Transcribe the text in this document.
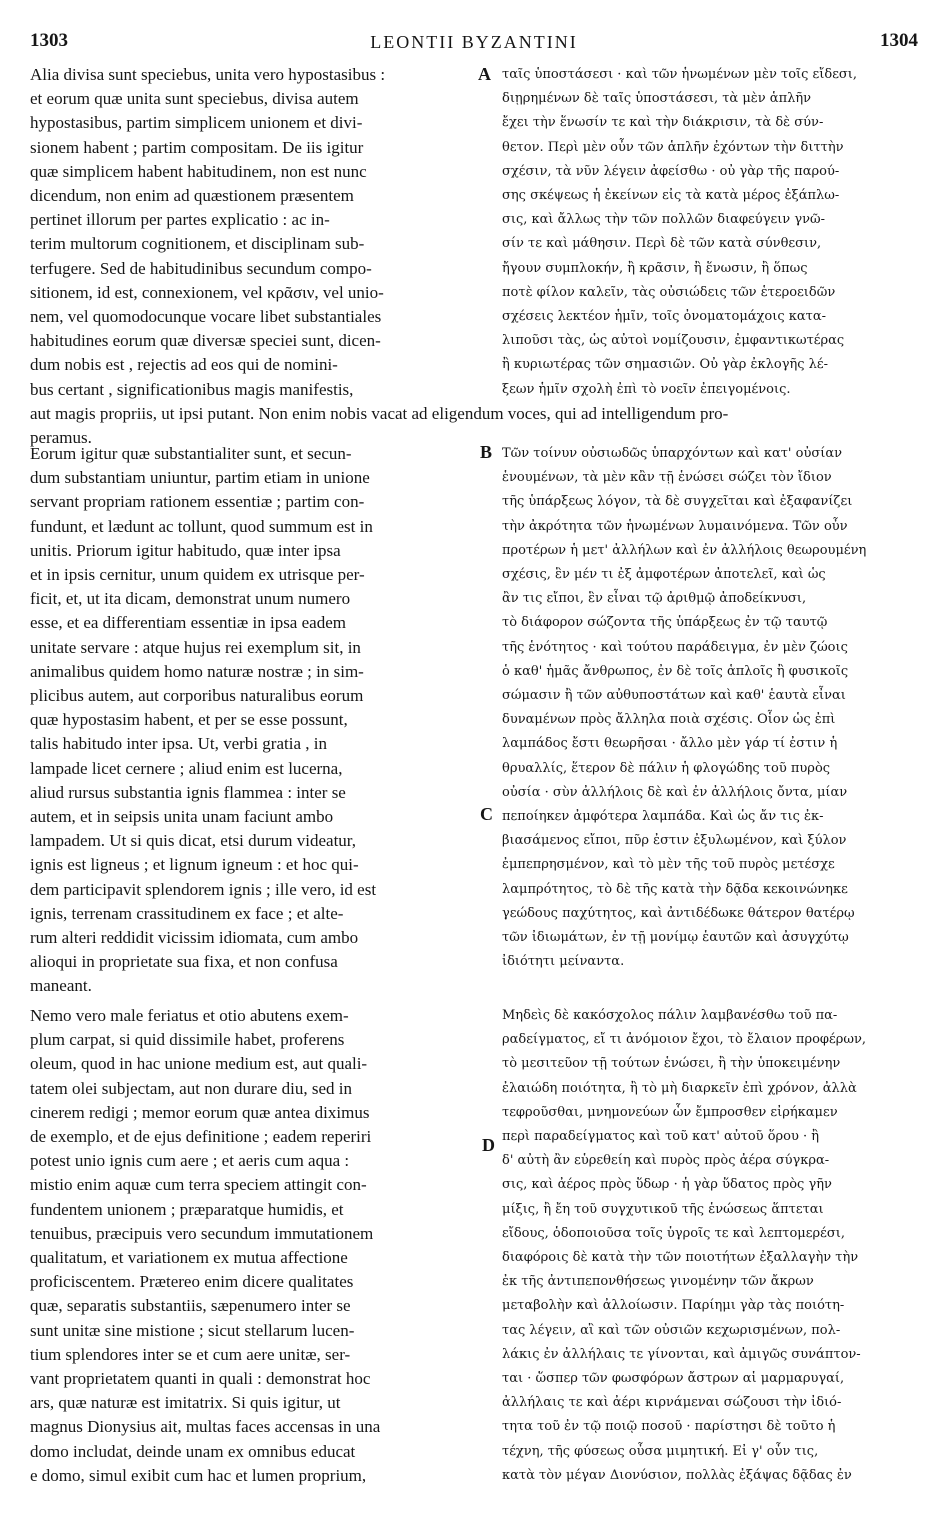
1303	LEONTII BYZANTINI	1304
A
B
C
D
Alia divisa sunt speciebus, unita vero hypostasibus :
et eorum quæ unita sunt speciebus, divisa autem
hypostasibus, partim simplicem unionem et divi-
sionem habent ; partim compositam. De iis igitur
quæ simplicem habent habitudinem, non est nunc
dicendum, non enim ad quæstionem præsentem
pertinet illorum per partes explicatio : ac in-
terim multorum cognitionem, et disciplinam sub-
terfugere. Sed de habitudinibus secundum compo-
sitionem, id est, connexionem, vel κρᾶσιν, vel unio-
nem, vel quomodocunque vocare libet substantiales
habitudines eorum quæ diversæ speciei sunt, dicen-
dum nobis est , rejectis ad eos qui de nomini-
bus certant , significationibus magis manifestis,
ταῖς ὑποστάσεσι · καὶ τῶν ἡνωμένων μὲν τοῖς εἴδεσι,
διῃρημένων δὲ ταῖς ὑποστάσεσι, τὰ μὲν ἁπλῆν
ἔχει τὴν ἕνωσίν τε καὶ τὴν διάκρισιν, τὰ δὲ σύν-
θετον. Περὶ μὲν οὖν τῶν ἁπλῆν ἐχόντων τὴν διττὴν
σχέσιν, τὰ νῦν λέγειν ἀφείσθω · οὐ γὰρ τῆς παρού-
σης σκέψεως ἡ ἐκείνων εἰς τὰ κατὰ μέρος ἐξάπλω-
σις, καὶ ἄλλως τὴν τῶν πολλῶν διαφεύγειν γνῶ-
σίν τε καὶ μάθησιν. Περὶ δὲ τῶν κατὰ σύνθεσιν,
ἤγουν συμπλοκήν, ἢ κρᾶσιν, ἢ ἕνωσιν, ἢ ὅπως
ποτὲ φίλον καλεῖν, τὰς οὐσιώδεις τῶν ἑτεροειδῶν
σχέσεις λεκτέον ἡμῖν, τοῖς ὀνοματομάχοις κατα-
λιποῦσι τὰς, ὡς αὐτοὶ νομίζουσιν, ἐμφαντικωτέρας
ἢ κυριωτέρας τῶν σημασιῶν. Οὐ γὰρ ἐκλογῆς λέ-
ξεων ἡμῖν σχολὴ ἐπὶ τὸ νοεῖν ἐπειγομένοις.
aut magis propriis, ut ipsi putant. Non enim nobis vacat ad eligendum voces, qui ad intelligendum pro-
peramus.
Eorum igitur quæ substantialiter sunt, et secun-
dum substantiam uniuntur, partim etiam in unione
servant propriam rationem essentiæ ; partim con-
fundunt, et lædunt ac tollunt, quod summum est in
unitis. Priorum igitur habitudo, quæ inter ipsa
et in ipsis cernitur, unum quidem ex utrisque per-
ficit, et, ut ita dicam, demonstrat unum numero
esse, et ea differentiam essentiæ in ipsa eadem
unitate servare : atque hujus rei exemplum sit, in
animalibus quidem homo naturæ nostræ ; in sim-
plicibus autem, aut corporibus naturalibus eorum
quæ hypostasim habent, et per se esse possunt,
talis habitudo inter ipsa. Ut, verbi gratia , in
lampade licet cernere ; aliud enim est lucerna,
aliud rursus substantia ignis flammea : inter se
autem, et in seipsis unita unam faciunt ambo
lampadem. Ut si quis dicat, etsi durum videatur,
ignis est ligneus ; et lignum igneum : et hoc qui-
dem participavit splendorem ignis ; ille vero, id est
ignis, terrenam crassitudinem ex face ; et alte-
rum alteri reddidit vicissim idiomata, cum ambo
alioqui in proprietate sua fixa, et non confusa
maneant.
Τῶν τοίνυν οὐσιωδῶς ὑπαρχόντων καὶ κατ' οὐσίαν
ἑνουμένων, τὰ μὲν κἂν τῇ ἑνώσει σώζει τὸν ἴδιον
τῆς ὑπάρξεως λόγον, τὰ δὲ συγχεῖται καὶ ἐξαφανίζει
τὴν ἀκρότητα τῶν ἡνωμένων λυμαινόμενα. Τῶν οὖν
προτέρων ἡ μετ' ἀλλήλων καὶ ἐν ἀλλήλοις θεωρουμένη
σχέσις, ἓν μέν τι ἐξ ἀμφοτέρων ἀποτελεῖ, καὶ ὡς
ἂν τις εἴποι, ἓν εἶναι τῷ ἀριθμῷ ἀποδείκνυσι,
τὸ διάφορον σώζοντα τῆς ὑπάρξεως ἐν τῷ ταυτῷ
τῆς ἑνότητος · καὶ τούτου παράδειγμα, ἐν μὲν ζώοις
ὁ καθ' ἡμᾶς ἄνθρωπος, ἐν δὲ τοῖς ἁπλοῖς ἢ φυσικοῖς
σώμασιν ἢ τῶν αὐθυποστάτων καὶ καθ' ἑαυτὰ εἶναι
δυναμένων πρὸς ἄλληλα ποιὰ σχέσις. Οἷον ὡς ἐπὶ
λαμπάδος ἔστι θεωρῆσαι · ἄλλο μὲν γάρ τί ἐστιν ἡ
θρυαλλίς, ἕτερον δὲ πάλιν ἡ φλογώδης τοῦ πυρὸς
οὐσία · σὺν ἀλλήλοις δὲ καὶ ἐν ἀλλήλοις ὄντα, μίαν
πεποίηκεν ἀμφότερα λαμπάδα. Καὶ ὡς ἄν τις ἐκ-
βιασάμενος εἴποι, πῦρ ἐστιν ἐξυλωμένον, καὶ ξύλον
ἐμπεπρησμένον, καὶ τὸ μὲν τῆς τοῦ πυρὸς μετέσχε
λαμπρότητος, τὸ δὲ τῆς κατὰ τὴν δᾷδα κεκοινώνηκε
γεώδους παχύτητος, καὶ ἀντιδέδωκε θάτερον θατέρῳ
τῶν ἰδιωμάτων, ἐν τῇ μονίμῳ ἑαυτῶν καὶ ἀσυγχύτῳ
ἰδιότητι μείναντα.
Nemo vero male feriatus et otio abutens exem-
plum carpat, si quid dissimile habet, proferens
oleum, quod in hac unione medium est, aut quali-
tatem olei subjectam, aut non durare diu, sed in
cinerem redigi ; memor eorum quæ antea diximus
de exemplo, et de ejus definitione ; eadem reperiri
potest unio ignis cum aere ; et aeris cum aqua :
mistio enim aquæ cum terra speciem attingit con-
fundentem unionem ; præparatque humidis, et
tenuibus, præcipuis vero secundum immutationem
qualitatum, et variationem ex mutua affectione
proficiscentem. Prætereo enim dicere qualitates
quæ, separatis substantiis, sæpenumero inter se
sunt unitæ sine mistione ; sicut stellarum lucen-
tium splendores inter se et cum aere unitæ, ser-
vant proprietatem quanti in quali : demonstrat hoc
ars, quæ naturæ est imitatrix. Si quis igitur, ut
magnus Dionysius ait, multas faces accensas in una
domo includat, deinde unam ex omnibus educat
e domo, simul exibit cum hac et lumen proprium,
Μηδεὶς δὲ κακόσχολος πάλιν λαμβανέσθω τοῦ πα-
ραδείγματος, εἴ τι ἀνόμοιον ἔχοι, τὸ ἔλαιον προφέρων,
τὸ μεσιτεῦον τῇ τούτων ἑνώσει, ἢ τὴν ὑποκειμένην
ἐλαιώδη ποιότητα, ἢ τὸ μὴ διαρκεῖν ἐπὶ χρόνον, ἀλλὰ
τεφροῦσθαι, μνημονεύων ὧν ἔμπροσθεν εἰρήκαμεν
περὶ παραδείγματος καὶ τοῦ κατ' αὐτοῦ ὅρου · ἢ
δ' αὐτὴ ἂν εὑρεθείη καὶ πυρὸς πρὸς ἀέρα σύγκρα-
σις, καὶ ἀέρος πρὸς ὕδωρ · ἡ γὰρ ὕδατος πρὸς γῆν
μίξις, ἢ ἔη τοῦ συγχυτικοῦ τῆς ἑνώσεως ἅπτεται
εἴδους, ὁδοποιοῦσα τοῖς ὑγροῖς τε καὶ λεπτομερέσι,
διαφόροις δὲ κατὰ τὴν τῶν ποιοτήτων ἐξαλλαγὴν τὴν
ἐκ τῆς ἀντιπεπονθήσεως γινομένην τῶν ἄκρων
μεταβολὴν καὶ ἀλλοίωσιν. Παρίημι γὰρ τὰς ποιότη-
τας λέγειν, αἳ καὶ τῶν οὐσιῶν κεχωρισμένων, πολ-
λάκις ἐν ἀλλήλαις τε γίνονται, καὶ ἀμιγῶς συνάπτον-
ται · ὥσπερ τῶν φωσφόρων ἄστρων αἱ μαρμαρυγαί,
ἀλλήλαις τε καὶ ἀέρι κιρνάμεναι σώζουσι τὴν ἰδιό-
τητα τοῦ ἐν τῷ ποιῷ ποσοῦ · παρίστησι δὲ τοῦτο ἡ
τέχνη, τῆς φύσεως οὖσα μιμητική. Εἰ γ' οὖν τις,
κατὰ τὸν μέγαν Διονύσιον, πολλὰς ἐξάψας δᾷδας ἐν
